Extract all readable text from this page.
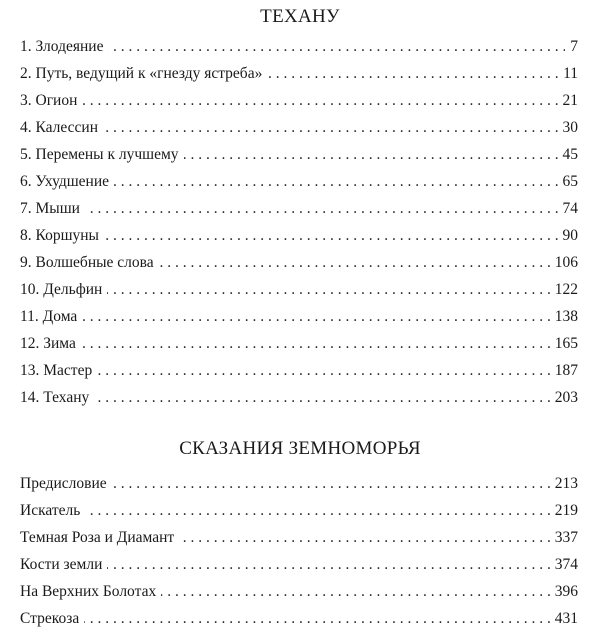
ТЕХАНУ
. . .
1. Злодеяние	7
. . .
2. Путь, ведущий к «гнезду ястреба»	11
. . .
3. Огион	21
. . .
4. Калессин	30
. . .
5. Перемены к лучшему	45
. . .
6. Ухудшение	65
. . .
7. Мыши	74
. . .
8. Коршуны	90
. . .
9. Волшебные слова	106
. . .
10. Дельфин	122
. . .
11. Дома	138
. . .
12. Зима	165
. . .
13. Мастер	187
. . .
14. Техану	203
СКАЗАНИЯ ЗЕМНОМОРЬЯ
. . .
Предисловие	213
. . .
Искатель	219
. . .
Темная Роза и Диамант	337
. . .
Кости земли	374
. . .
На Верхних Болотах	396
. . .
Стрекоза	431
